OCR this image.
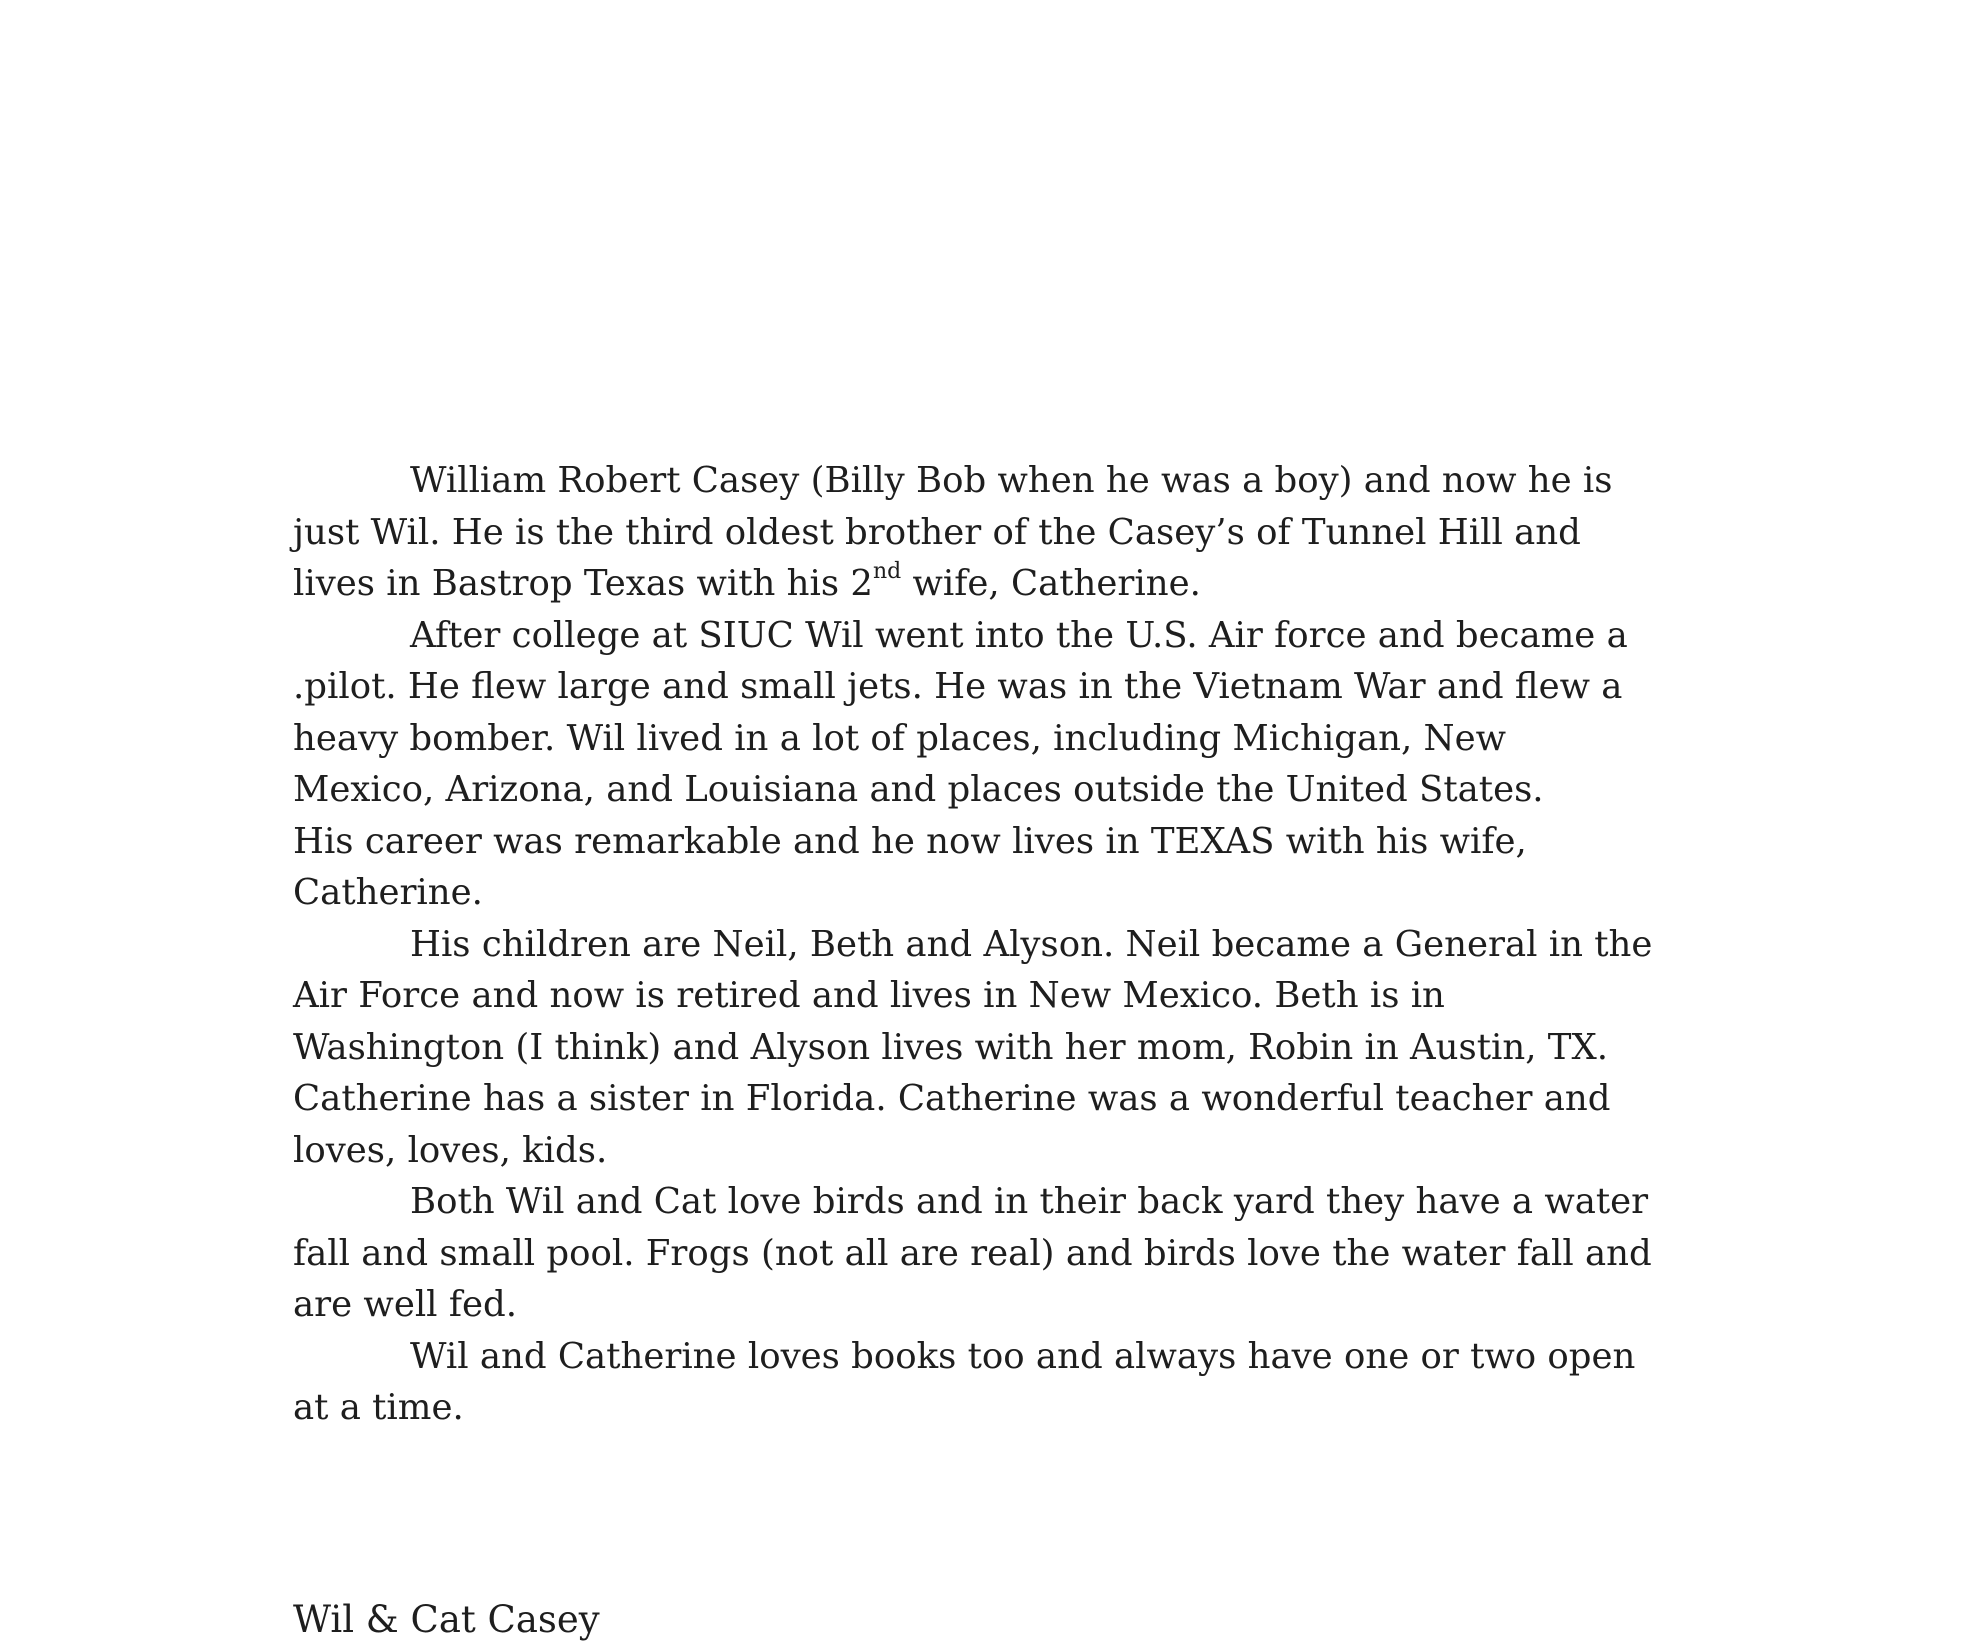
William Robert Casey (Billy Bob when he was a boy) and now he is
just Wil. He is the third oldest brother of the Casey’s of Tunnel Hill and
lives in Bastrop Texas with his 2nd wife, Catherine.
After college at SIUC Wil went into the U.S. Air force and became a
.pilot. He flew large and small jets. He was in the Vietnam War and flew a
heavy bomber. Wil lived in a lot of places, including Michigan, New
Mexico, Arizona, and Louisiana and places outside the United States.
His career was remarkable and he now lives in TEXAS with his wife,
Catherine.
His children are Neil, Beth and Alyson. Neil became a General in the
Air Force and now is retired and lives in New Mexico. Beth is in
Washington (I think) and Alyson lives with her mom, Robin in Austin, TX.
Catherine has a sister in Florida. Catherine was a wonderful teacher and
loves, loves, kids.
Both Wil and Cat love birds and in their back yard they have a water
fall and small pool. Frogs (not all are real) and birds love the water fall and
are well fed.
Wil and Catherine loves books too and always have one or two open
at a time.
Wil & Cat Casey
